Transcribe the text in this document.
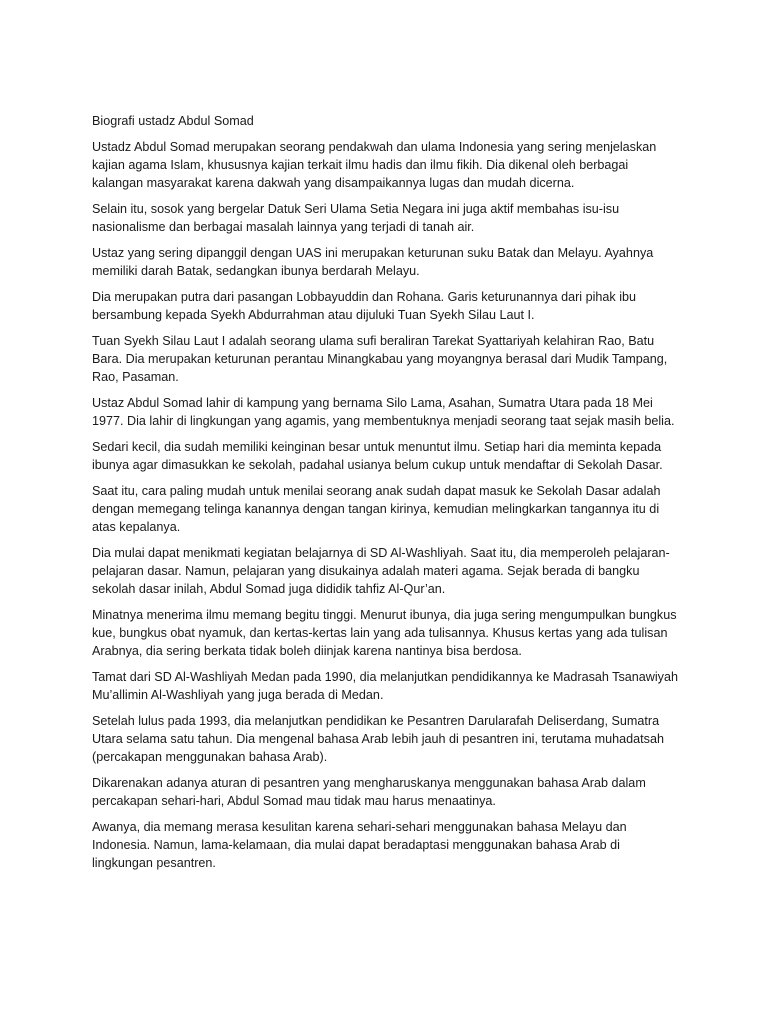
Biografi ustadz Abdul Somad

Ustadz Abdul Somad merupakan seorang pendakwah dan ulama Indonesia yang sering menjelaskan kajian agama Islam, khususnya kajian terkait ilmu hadis dan ilmu fikih. Dia dikenal oleh berbagai kalangan masyarakat karena dakwah yang disampaikannya lugas dan mudah dicerna.

Selain itu, sosok yang bergelar Datuk Seri Ulama Setia Negara ini juga aktif membahas isu-isu nasionalisme dan berbagai masalah lainnya yang terjadi di tanah air.

Ustaz yang sering dipanggil dengan UAS ini merupakan keturunan suku Batak dan Melayu. Ayahnya memiliki darah Batak, sedangkan ibunya berdarah Melayu.

Dia merupakan putra dari pasangan Lobbayuddin dan Rohana. Garis keturunannya dari pihak ibu bersambung kepada Syekh Abdurrahman atau dijuluki Tuan Syekh Silau Laut I.

Tuan Syekh Silau Laut I adalah seorang ulama sufi beraliran Tarekat Syattariyah kelahiran Rao, Batu Bara. Dia merupakan keturunan perantau Minangkabau yang moyangnya berasal dari Mudik Tampang, Rao, Pasaman.

Ustaz Abdul Somad lahir di kampung yang bernama Silo Lama, Asahan, Sumatra Utara pada 18 Mei 1977. Dia lahir di lingkungan yang agamis, yang membentuknya menjadi seorang taat sejak masih belia.

Sedari kecil, dia sudah memiliki keinginan besar untuk menuntut ilmu. Setiap hari dia meminta kepada ibunya agar dimasukkan ke sekolah, padahal usianya belum cukup untuk mendaftar di Sekolah Dasar.

Saat itu, cara paling mudah untuk menilai seorang anak sudah dapat masuk ke Sekolah Dasar adalah dengan memegang telinga kanannya dengan tangan kirinya, kemudian melingkarkan tangannya itu di atas kepalanya.

Dia mulai dapat menikmati kegiatan belajarnya di SD Al-Washliyah. Saat itu, dia memperoleh pelajaran-pelajaran dasar. Namun, pelajaran yang disukainya adalah materi agama. Sejak berada di bangku sekolah dasar inilah, Abdul Somad juga dididik tahfiz Al-Qur’an.

Minatnya menerima ilmu memang begitu tinggi. Menurut ibunya, dia juga sering mengumpulkan bungkus kue, bungkus obat nyamuk, dan kertas-kertas lain yang ada tulisannya. Khusus kertas yang ada tulisan Arabnya, dia sering berkata tidak boleh diinjak karena nantinya bisa berdosa.

Tamat dari SD Al-Washliyah Medan pada 1990, dia melanjutkan pendidikannya ke Madrasah Tsanawiyah Mu’allimin Al-Washliyah yang juga berada di Medan.

Setelah lulus pada 1993, dia melanjutkan pendidikan ke Pesantren Darularafah Deliserdang, Sumatra Utara selama satu tahun. Dia mengenal bahasa Arab lebih jauh di pesantren ini, terutama muhadatsah (percakapan menggunakan bahasa Arab).

Dikarenakan adanya aturan di pesantren yang mengharuskanya menggunakan bahasa Arab dalam percakapan sehari-hari, Abdul Somad mau tidak mau harus menaatinya.

Awanya, dia memang merasa kesulitan karena sehari-sehari menggunakan bahasa Melayu dan Indonesia. Namun, lama-kelamaan, dia mulai dapat beradaptasi menggunakan bahasa Arab di lingkungan pesantren.
